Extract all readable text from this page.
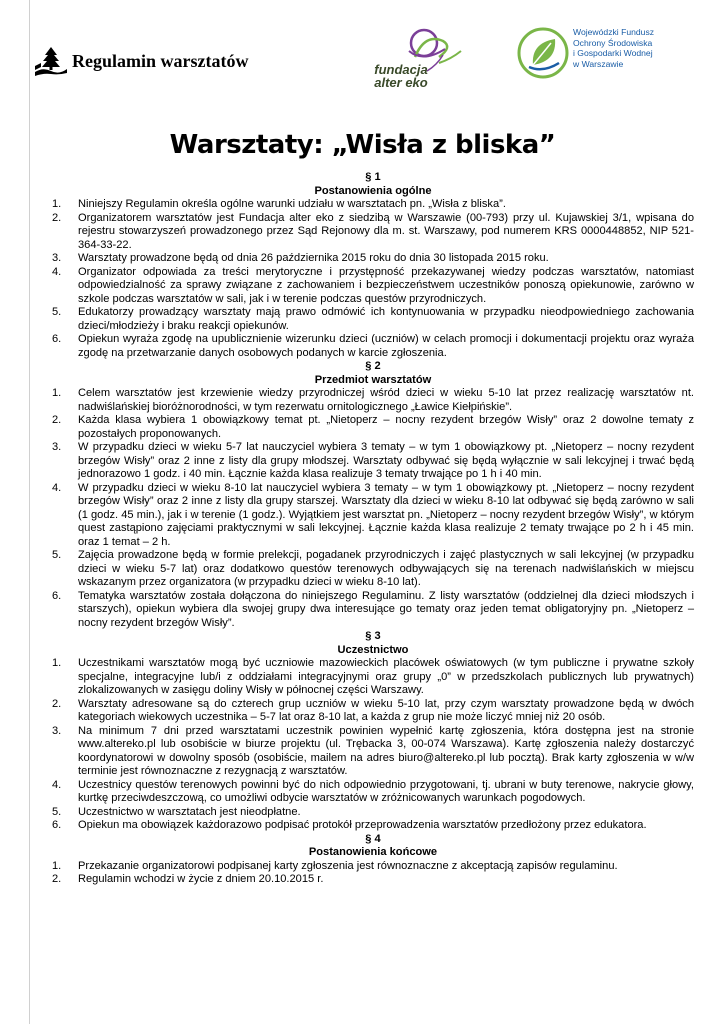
Regulamin warsztatów	fundacja
alter eko
Wojewódzki Fundusz
Ochrony Środowiska
i Gospodarki Wodnej
w Warszawie
Warsztaty: „Wisła z bliska”
§ 1
Postanowienia ogólne
1.	Niniejszy Regulamin określa ogólne warunki udziału w warsztatach pn. „Wisła z bliska”.
2.	Organizatorem warsztatów jest Fundacja alter eko z siedzibą w Warszawie (00-793) przy ul. Kujawskiej 3/1, wpisana do rejestru stowarzyszeń prowadzonego przez Sąd Rejonowy dla m. st. Warszawy, pod numerem KRS 0000448852, NIP 521-364-33-22.
3.	Warsztaty prowadzone będą od dnia 26 października 2015 roku do dnia 30 listopada 2015 roku.
4.	Organizator odpowiada za treści merytoryczne i przystępność przekazywanej wiedzy podczas warsztatów, natomiast odpowiedzialność za sprawy związane z zachowaniem i bezpieczeństwem uczestników ponoszą opiekunowie, zarówno w szkole podczas warsztatów w sali, jak i w terenie podczas questów przyrodniczych.
5.	Edukatorzy prowadzący warsztaty mają prawo odmówić ich kontynuowania w przypadku nieodpowiedniego zachowania dzieci/młodzieży i braku reakcji opiekunów.
6.	Opiekun wyraża zgodę na upublicznienie wizerunku dzieci (uczniów) w celach promocji i dokumentacji projektu oraz wyraża zgodę na przetwarzanie danych osobowych podanych w karcie zgłoszenia.
§ 2
Przedmiot warsztatów
1.	Celem warsztatów jest krzewienie wiedzy przyrodniczej wśród dzieci w wieku 5-10 lat przez realizację warsztatów nt. nadwiślańskiej bioróżnorodności, w tym rezerwatu ornitologicznego „Ławice Kiełpińskie”.
2.	Każda klasa wybiera 1 obowiązkowy temat pt. „Nietoperz – nocny rezydent brzegów Wisły” oraz 2 dowolne tematy z pozostałych proponowanych.
3.	W przypadku dzieci w wieku 5-7 lat nauczyciel wybiera 3 tematy – w tym 1 obowiązkowy pt. „Nietoperz – nocny rezydent brzegów Wisły” oraz 2 inne z listy dla grupy młodszej. Warsztaty odbywać się będą wyłącznie w sali lekcyjnej i trwać będą jednorazowo 1 godz. i 40 min. Łącznie każda klasa realizuje 3 tematy trwające po 1 h i 40 min.
4.	W przypadku dzieci w wieku 8-10 lat nauczyciel wybiera 3 tematy – w tym 1 obowiązkowy pt. „Nietoperz – nocny rezydent brzegów Wisły” oraz 2 inne z listy dla grupy starszej. Warsztaty dla dzieci w wieku 8-10 lat odbywać się będą zarówno w sali (1 godz. 45 min.), jak i w terenie (1 godz.). Wyjątkiem jest warsztat pn. „Nietoperz – nocny rezydent brzegów Wisły”, w którym quest zastąpiono zajęciami praktycznymi w sali lekcyjnej. Łącznie każda klasa realizuje 2 tematy trwające po 2 h i 45 min. oraz 1 temat – 2 h.
5.	Zajęcia prowadzone będą w formie prelekcji, pogadanek przyrodniczych i zajęć plastycznych w sali lekcyjnej (w przypadku dzieci w wieku 5-7 lat) oraz dodatkowo questów terenowych odbywających się na terenach nadwiślańskich w miejscu wskazanym przez organizatora (w przypadku dzieci w wieku 8-10 lat).
6.	Tematyka warsztatów została dołączona do niniejszego Regulaminu. Z listy warsztatów (oddzielnej dla dzieci młodszych i starszych), opiekun wybiera dla swojej grupy dwa interesujące go tematy oraz jeden temat obligatoryjny pn. „Nietoperz – nocny rezydent brzegów Wisły”.
§ 3
Uczestnictwo
1.	Uczestnikami warsztatów mogą być uczniowie mazowieckich placówek oświatowych (w tym publiczne i prywatne szkoły specjalne, integracyjne lub/i z oddziałami integracyjnymi oraz grupy „0” w przedszkolach publicznych lub prywatnych) zlokalizowanych w zasięgu doliny Wisły w północnej części Warszawy.
2.	Warsztaty adresowane są do czterech grup uczniów w wieku 5-10 lat, przy czym warsztaty prowadzone będą w dwóch kategoriach wiekowych uczestnika – 5-7 lat oraz 8-10 lat, a każda z grup nie może liczyć mniej niż 20 osób.
3.	Na minimum 7 dni przed warsztatami uczestnik powinien wypełnić kartę zgłoszenia, która dostępna jest na stronie www.altereko.pl lub osobiście w biurze projektu (ul. Trębacka 3, 00-074 Warszawa). Kartę zgłoszenia należy dostarczyć koordynatorowi w dowolny sposób (osobiście, mailem na adres biuro@altereko.pl lub pocztą). Brak karty zgłoszenia w w/w terminie jest równoznaczne z rezygnacją z warsztatów.
4.	Uczestnicy questów terenowych powinni być do nich odpowiednio przygotowani, tj. ubrani w buty terenowe, nakrycie głowy, kurtkę przeciwdeszczową, co umożliwi odbycie warsztatów w zróżnicowanych warunkach pogodowych.
5.	Uczestnictwo w warsztatach jest nieodpłatne.
6.	Opiekun ma obowiązek każdorazowo podpisać protokół przeprowadzenia warsztatów przedłożony przez edukatora.
§ 4
Postanowienia końcowe
1.	Przekazanie organizatorowi podpisanej karty zgłoszenia jest równoznaczne z akceptacją zapisów regulaminu.
2.	Regulamin wchodzi w życie z dniem 20.10.2015 r.
